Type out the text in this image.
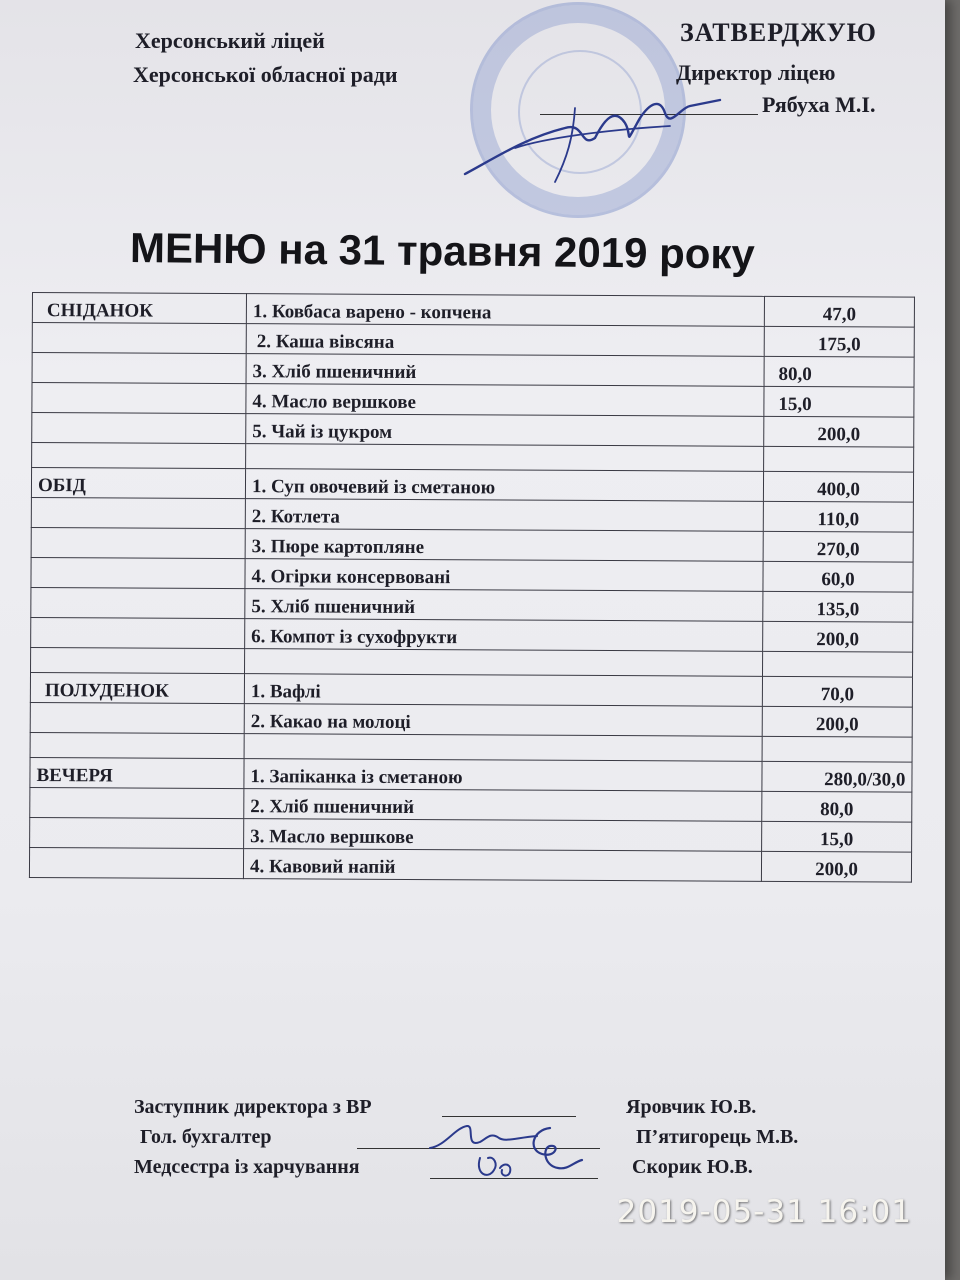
Херсонський ліцей
Херсонської обласної ради
ЗАТВЕРДЖУЮ
Директор ліцею
Рябуха М.І.
МЕНЮ на 31 травня 2019 року
СНІДАНОК	1. Ковбаса варено - копчена	47,0
	2. Каша вівсяна	175,0
	3. Хліб пшеничний	80,0
	4. Масло вершкове	15,0
	5. Чай із цукром	200,0

ОБІД	1. Суп овочевий із сметаною	400,0
	2. Котлета	110,0
	3. Пюре картопляне	270,0
	4. Огірки консервовані	60,0
	5. Хліб пшеничний	135,0
	6. Компот із сухофрукти	200,0

ПОЛУДЕНОК	1. Вафлі	70,0
	2. Какао на молоці	200,0

ВЕЧЕРЯ	1. Запіканка із сметаною	280,0/30,0
	2. Хліб пшеничний	80,0
	3. Масло вершкове	15,0
	4. Кавовий напій	200,0
Заступник директора з ВР	Яровчик Ю.В.
Гол. бухгалтер	П’ятигорець М.В.
Медсестра із харчування	Скорик Ю.В.
2019-05-31 16:01
